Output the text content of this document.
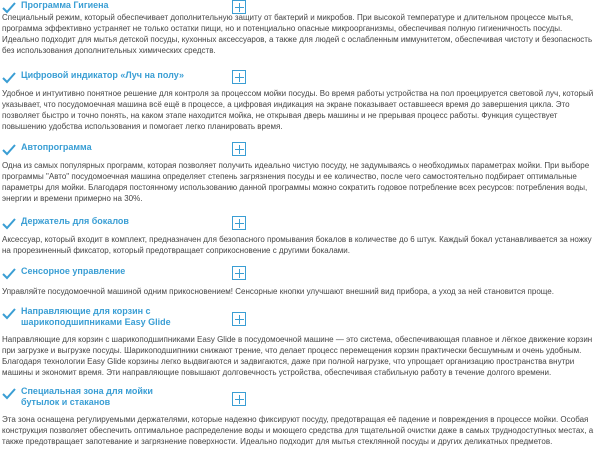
Программа Гигиена
Специальный режим, который обеспечивает дополнительную защиту от бактерий и микробов. При высокой температуре и длительном процессе мытья, программа эффективно устраняет не только остатки пищи, но и потенциально опасные микроорганизмы, обеспечивая полную гигиеничность посуды. Идеально подходит для мытья детской посуды, кухонных аксессуаров, а также для людей с ослабленным иммунитетом, обеспечивая чистоту и безопасность без использования дополнительных химических средств.
Цифровой индикатор «Луч на полу»
Удобное и интуитивно понятное решение для контроля за процессом мойки посуды. Во время работы устройства на пол проецируется световой луч, который указывает, что посудомоечная машина всё ещё в процессе, а цифровая индикация на экране показывает оставшееся время до завершения цикла. Это позволяет быстро и точно понять, на каком этапе находится мойка, не открывая дверь машины и не прерывая процесс работы. Функция существует повышению удобства использования и помогает легко планировать время.
Автопрограмма
Одна из самых популярных программ, которая позволяет получить идеально чистую посуду, не задумываясь о необходимых параметрах мойки. При выборе программы "Авто" посудомоечная машина определяет степень загрязнения посуды и ее количество, после чего самостоятельно подбирает оптимальные параметры для мойки. Благодаря постоянному использованию данной программы можно сократить годовое потребление всех ресурсов: потребления воды, энергии и времени примерно на 30%.
Держатель для бокалов
Аксессуар, который входит в комплект, предназначен для безопасного промывания бокалов в количестве до 6 штук. Каждый бокал устанавливается за ножку на прорезиненный фиксатор, который предотвращает соприкосновение с другими бокалами.
Сенсорное управление
Управляйте посудомоечной машиной одним прикосновением! Сенсорные кнопки улучшают внешний вид прибора, а уход за ней становится проще.
Направляющие для корзин с шарикоподшипниками Easy Glide
Направляющие для корзин с шарикоподшипниками Easy Glide в посудомоечной машине — это система, обеспечивающая плавное и лёгкое движение корзин при загрузке и выгрузке посуды. Шарикоподшипники снижают трение, что делает процесс перемещения корзин практически бесшумным и очень удобным. Благодаря технологии Easy Glide корзины легко выдвигаются и задвигаются, даже при полной нагрузке, что упрощает организацию пространства внутри машины и экономит время. Эти направляющие повышают долговечность устройства, обеспечивая стабильную работу в течение долгого времени.
Специальная зона для мойки бутылок и стаканов
Эта зона оснащена регулируемыми держателями, которые надежно фиксируют посуду, предотвращая её падение и повреждения в процессе мойки. Особая конструкция позволяет обеспечить оптимальное распределение воды и моющего средства для тщательной очистки даже в самых труднодоступных местах, а также предотвращает запотевание и загрязнение поверхности. Идеально подходит для мытья стеклянной посуды и других деликатных предметов.
